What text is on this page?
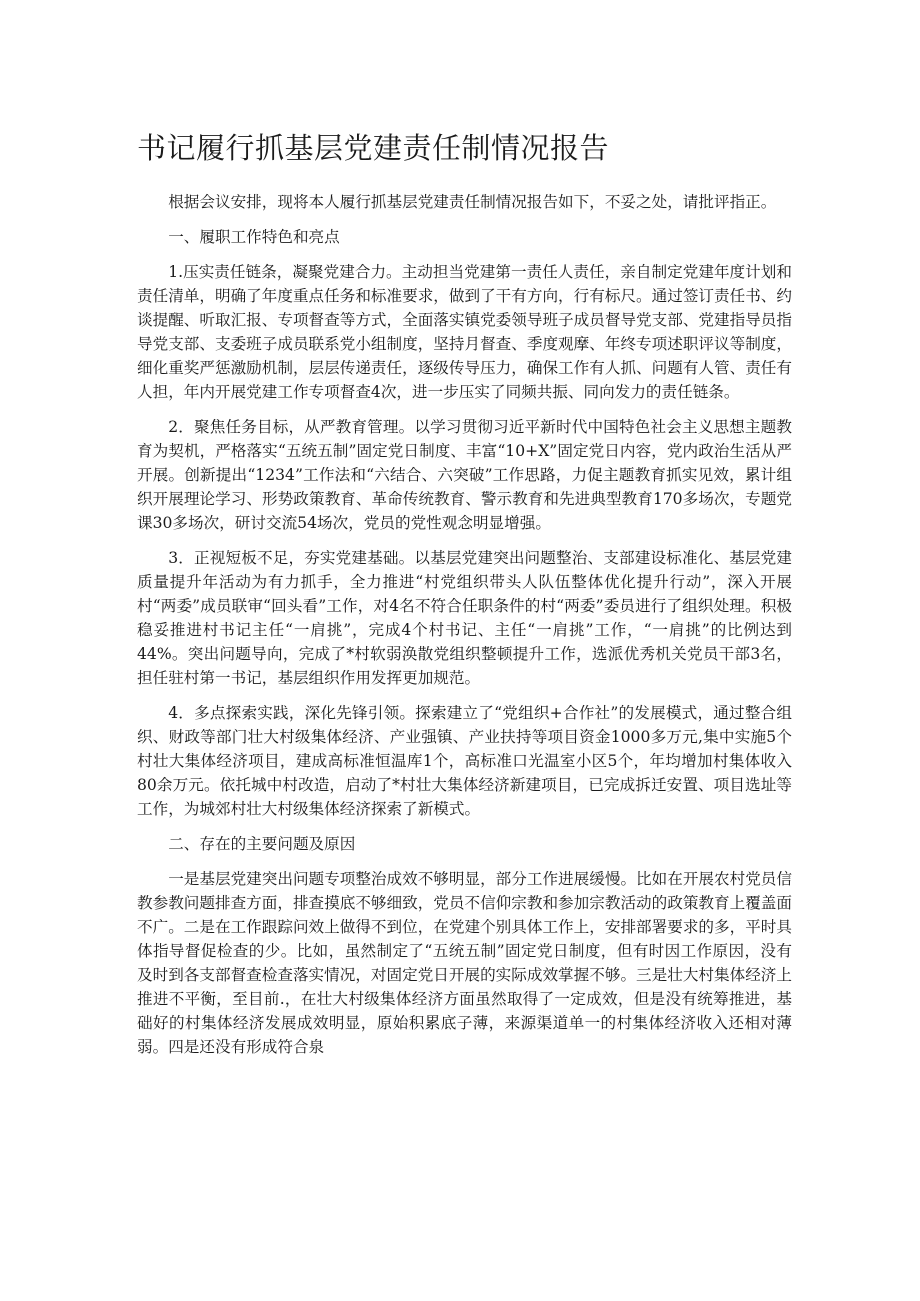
书记履行抓基层党建责任制情况报告

根据会议安排，现将本人履行抓基层党建责任制情况报告如下，不妥之处，请批评指正。

一、履职工作特色和亮点

1.压实责任链条，凝聚党建合力。主动担当党建第一责任人责任，亲自制定党建年度计划和责任清单，明确了年度重点任务和标准要求，做到了干有方向，行有标尺。通过签订责任书、约谈提醒、听取汇报、专项督查等方式，全面落实镇党委领导班子成员督导党支部、党建指导员指导党支部、支委班子成员联系党小组制度，坚持月督查、季度观摩、年终专项述职评议等制度，细化重奖严惩激励机制，层层传递责任，逐级传导压力，确保工作有人抓、问题有人管、责任有人担，年内开展党建工作专项督查4次，进一步压实了同频共振、同向发力的责任链条。

2．聚焦任务目标，从严教育管理。以学习贯彻习近平新时代中国特色社会主义思想主题教育为契机，严格落实“五统五制”固定党日制度、丰富“10+X”固定党日内容，党内政治生活从严开展。创新提出“1234”工作法和“六结合、六突破”工作思路，力促主题教育抓实见效，累计组织开展理论学习、形势政策教育、革命传统教育、警示教育和先进典型教育170多场次，专题党课30多场次，研讨交流54场次，党员的党性观念明显增强。

3．正视短板不足，夯实党建基础。以基层党建突出问题整治、支部建设标准化、基层党建质量提升年活动为有力抓手，全力推进“村党组织带头人队伍整体优化提升行动”，深入开展村“两委”成员联审“回头看”工作，对4名不符合任职条件的村“两委”委员进行了组织处理。积极稳妥推进村书记主任“一肩挑”，完成4个村书记、主任“一肩挑”工作，“一肩挑”的比例达到44%。突出问题导向，完成了*村软弱涣散党组织整顿提升工作，选派优秀机关党员干部3名，担任驻村第一书记，基层组织作用发挥更加规范。

4．多点探索实践，深化先锋引领。探索建立了“党组织+合作社”的发展模式，通过整合组织、财政等部门壮大村级集体经济、产业强镇、产业扶持等项目资金1000多万元,集中实施5个村壮大集体经济项目，建成高标准恒温库1个，高标准口光温室小区5个，年均增加村集体收入80余万元。依托城中村改造，启动了*村壮大集体经济新建项目，已完成拆迁安置、项目选址等工作，为城郊村壮大村级集体经济探索了新模式。

二、存在的主要问题及原因

一是基层党建突出问题专项整治成效不够明显，部分工作进展缓慢。比如在开展农村党员信教参教问题排查方面，排查摸底不够细致，党员不信仰宗教和参加宗教活动的政策教育上覆盖面不广。二是在工作跟踪问效上做得不到位，在党建个别具体工作上，安排部署要求的多，平时具体指导督促检查的少。比如，虽然制定了“五统五制”固定党日制度，但有时因工作原因，没有及时到各支部督查检查落实情况，对固定党日开展的实际成效掌握不够。三是壮大村集体经济上推进不平衡，至目前.，在壮大村级集体经济方面虽然取得了一定成效，但是没有统筹推进，基础好的村集体经济发展成效明显，原始积累底子薄，来源渠道单一的村集体经济收入还相对薄弱。四是还没有形成符合泉
